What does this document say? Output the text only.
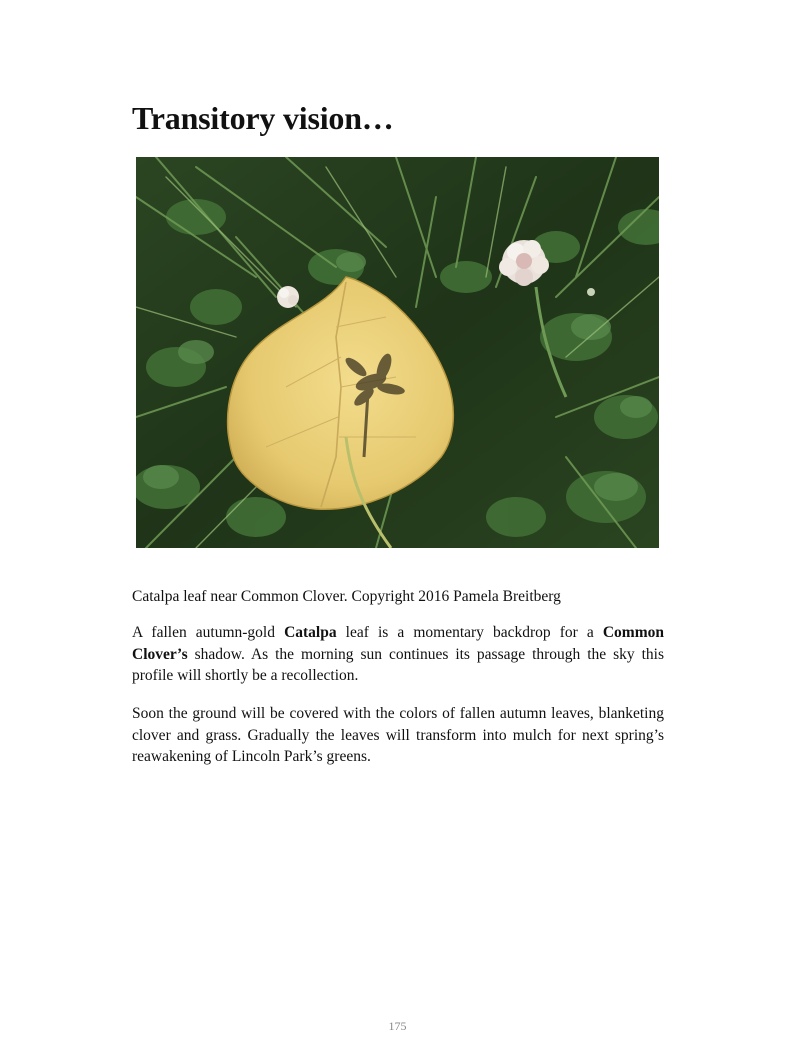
Transitory vision…

Catalpa leaf near Common Clover. Copyright 2016 Pamela Breitberg

A fallen autumn-gold Catalpa leaf is a momentary backdrop for a Common Clover’s shadow. As the morning sun continues its passage through the sky this profile will shortly be a recollection.

Soon the ground will be covered with the colors of fallen autumn leaves, blanketing clover and grass. Gradually the leaves will transform into mulch for next spring’s reawakening of Lincoln Park’s greens.

175
